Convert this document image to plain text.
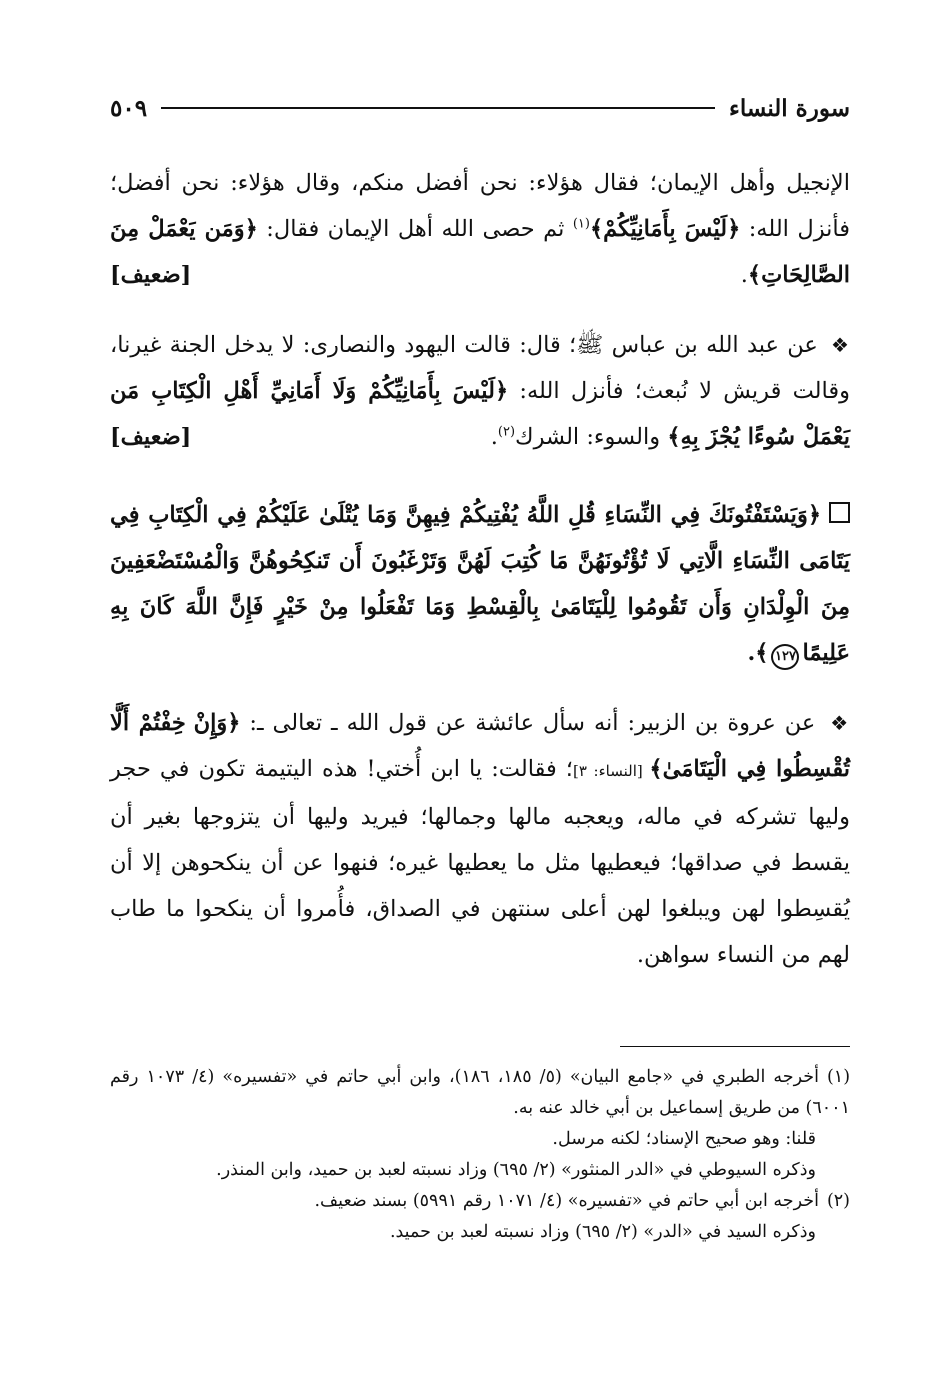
سورة النساء
٥٠٩

الإنجيل وأهل الإيمان؛ فقال هؤلاء: نحن أفضل منكم، وقال هؤلاء: نحن أفضل؛ فأنزل الله: ﴿لَيْسَ بِأَمَانِيِّكُمْ﴾$^{(١)}$ ثم حصى الله أهل الإيمان فقال: ﴿وَمَن يَعْمَلْ مِنَ الصَّالِحَاتِ﴾.
[ضعيف]

❖ عن عبد الله بن عباس ﷺ؛ قال: قالت اليهود والنصارى: لا يدخل الجنة غيرنا، وقالت قريش لا نُبعث؛ فأنزل الله: ﴿لَيْسَ بِأَمَانِيِّكُمْ وَلَا أَمَانِيِّ أَهْلِ الْكِتَابِ مَن يَعْمَلْ سُوءًا يُجْزَ بِهِ﴾ والسوء: الشرك$^{(٢)}$.
[ضعيف]

﴿وَيَسْتَفْتُونَكَ فِي النِّسَاءِ قُلِ اللَّهُ يُفْتِيكُمْ فِيهِنَّ وَمَا يُتْلَىٰ عَلَيْكُمْ فِي الْكِتَابِ فِي يَتَامَى النِّسَاءِ الَّاتِي لَا تُؤْتُونَهُنَّ مَا كُتِبَ لَهُنَّ وَتَرْغَبُونَ أَن تَنكِحُوهُنَّ وَالْمُسْتَضْعَفِينَ مِنَ الْوِلْدَانِ وَأَن تَقُومُوا لِلْيَتَامَىٰ بِالْقِسْطِ وَمَا تَفْعَلُوا مِنْ خَيْرٍ فَإِنَّ اللَّهَ كَانَ بِهِ عَلِيمًا١٢٧﴾.

❖ عن عروة بن الزبير: أنه سأل عائشة عن قول الله ـ تعالى ـ: ﴿وَإِنْ خِفْتُمْ أَلَّا تُقْسِطُوا فِي الْيَتَامَىٰ﴾ [النساء: ٣]؛ فقالت: يا ابن أُختي! هذه اليتيمة تكون في حجر وليها تشركه في ماله، ويعجبه مالها وجمالها؛ فيريد وليها أن يتزوجها بغير أن يقسط في صداقها؛ فيعطيها مثل ما يعطيها غيره؛ فنهوا عن أن ينكحوهن إلا أن يُقسِطوا لهن ويبلغوا لهن أعلى سنتهن في الصداق، فأُمروا أن ينكحوا ما طاب لهم من النساء سواهن.

(١)أخرجه الطبري في «جامع البيان» (٥/ ١٨٥، ١٨٦)، وابن أبي حاتم في «تفسيره» (٤/ ١٠٧٣ رقم ٦٠٠١) من طريق إسماعيل بن أبي خالد عنه به.

قلنا: وهو صحيح الإسناد؛ لكنه مرسل.

وذكره السيوطي في «الدر المنثور» (٢/ ٦٩٥) وزاد نسبته لعبد بن حميد، وابن المنذر.

(٢)أخرجه ابن أبي حاتم في «تفسيره» (٤/ ١٠٧١ رقم ٥٩٩١) بسند ضعيف.

وذكره السيد في «الدر» (٢/ ٦٩٥) وزاد نسبته لعبد بن حميد.
